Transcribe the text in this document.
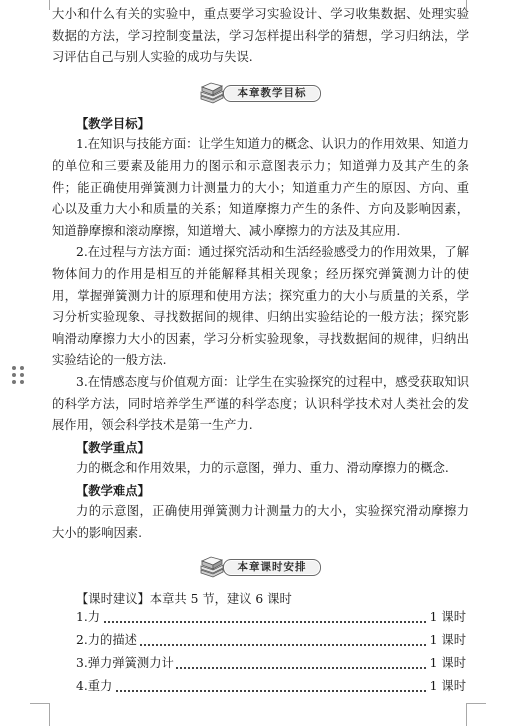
大小和什么有关的实验中，重点要学习实验设计、学习收集数据、处理实验数据的方法，学习控制变量法，学习怎样提出科学的猜想，学习归纳法，学习评估自己与别人实验的成功与失误.

【教学目标】

1.在知识与技能方面：让学生知道力的概念、认识力的作用效果、知道力的单位和三要素及能用力的图示和示意图表示力；知道弹力及其产生的条件；能正确使用弹簧测力计测量力的大小；知道重力产生的原因、方向、重心以及重力大小和质量的关系；知道摩擦力产生的条件、方向及影响因素，知道静摩擦和滚动摩擦，知道增大、减小摩擦力的方法及其应用.

2.在过程与方法方面：通过探究活动和生活经验感受力的作用效果，了解物体间力的作用是相互的并能解释其相关现象；经历探究弹簧测力计的使用，掌握弹簧测力计的原理和使用方法；探究重力的大小与质量的关系，学习分析实验现象、寻找数据间的规律、归纳出实验结论的一般方法；探究影响滑动摩擦力大小的因素，学习分析实验现象，寻找数据间的规律，归纳出实验结论的一般方法.

3.在情感态度与价值观方面：让学生在实验探究的过程中，感受获取知识的科学方法，同时培养学生严谨的科学态度；认识科学技术对人类社会的发展作用，领会科学技术是第一生产力.

【教学重点】

力的概念和作用效果，力的示意图，弹力、重力、滑动摩擦力的概念.

【教学难点】

力的示意图，正确使用弹簧测力计测量力的大小，实验探究滑动摩擦力大小的影响因素.

【课时建议】本章共 5 节，建议 6 课时

本章教学目标
本章课时安排
1.力	1 课时
2.力的描述	1 课时
3.弹力弹簧测力计	1 课时
4.重力	1 课时
